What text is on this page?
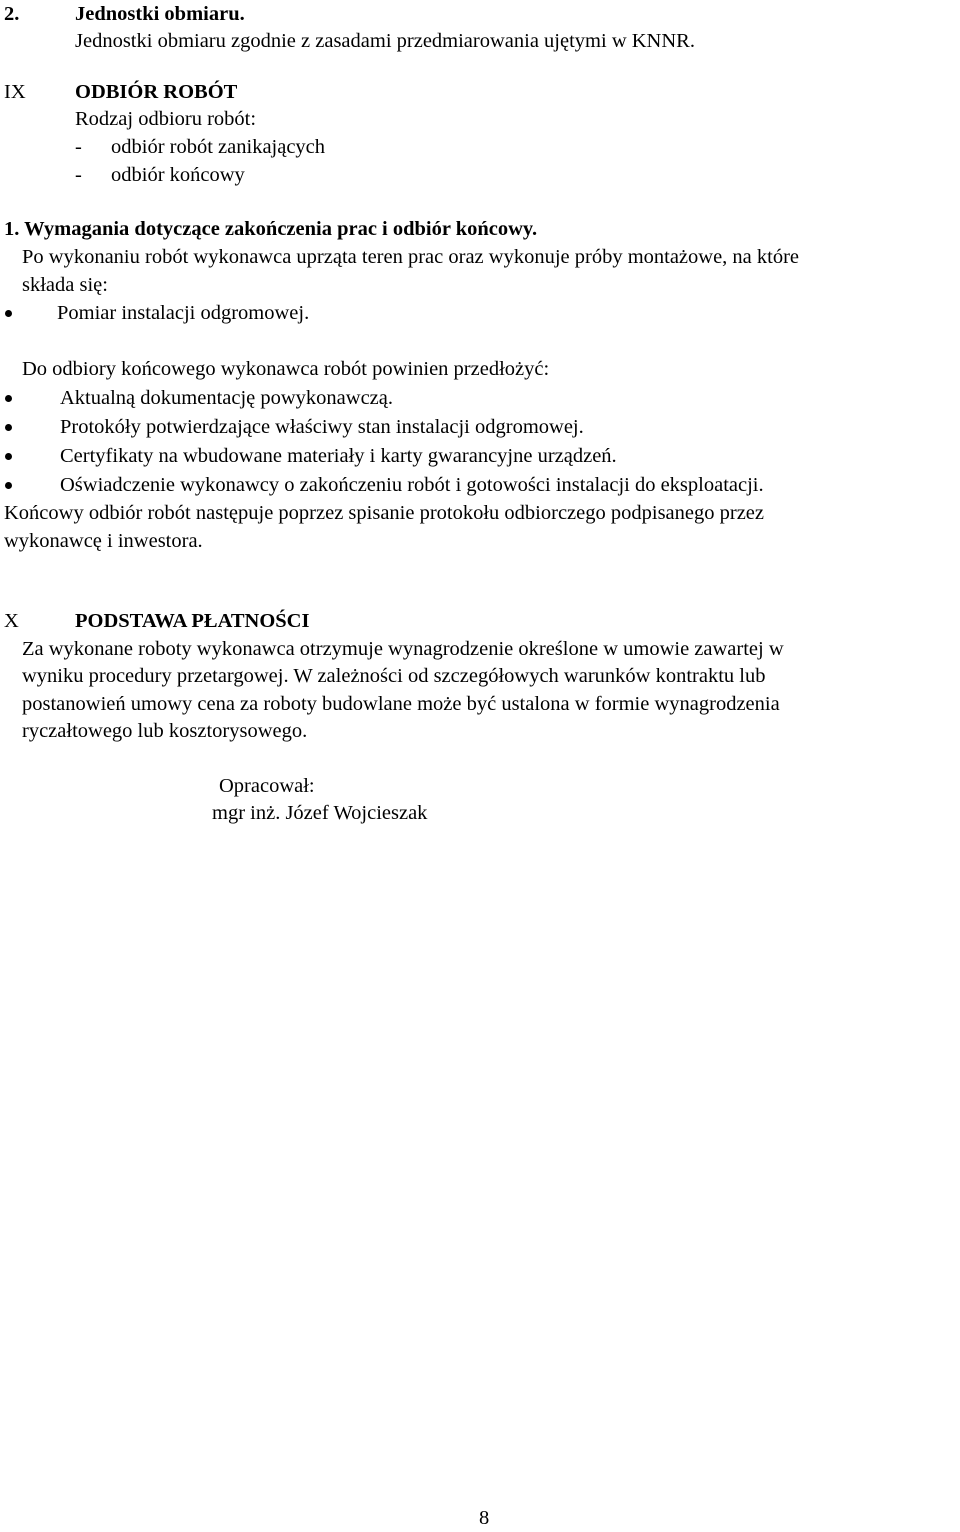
2.	Jednostki obmiaru.
Jednostki obmiaru zgodnie z zasadami przedmiarowania ujętymi w KNNR.
IX ODBIÓR ROBÓT
Rodzaj odbioru robót:
- odbiór robót zanikających
- odbiór końcowy
1. Wymagania dotyczące zakończenia prac i odbiór końcowy.
Po wykonaniu robót wykonawca uprząta teren prac oraz wykonuje próby montażowe, na które
składa się:
Pomiar instalacji odgromowej.
Do odbiory końcowego wykonawca robót powinien przedłożyć:
Aktualną dokumentację powykonawczą.
Protokóły potwierdzające właściwy stan instalacji odgromowej.
Certyfikaty na wbudowane materiały i karty gwarancyjne urządzeń.
Oświadczenie wykonawcy o zakończeniu robót i gotowości instalacji do eksploatacji.
Końcowy odbiór robót następuje poprzez spisanie protokołu odbiorczego podpisanego przez
wykonawcę i inwestora.
X	PODSTAWA PŁATNOŚCI
Za wykonane roboty wykonawca otrzymuje wynagrodzenie określone w umowie zawartej w
wyniku procedury przetargowej. W zależności od szczegółowych warunków kontraktu lub
postanowień umowy cena za roboty budowlane może być ustalona w formie wynagrodzenia
ryczałtowego lub kosztorysowego.
Opracował:
mgr inż. Józef Wojcieszak
8
